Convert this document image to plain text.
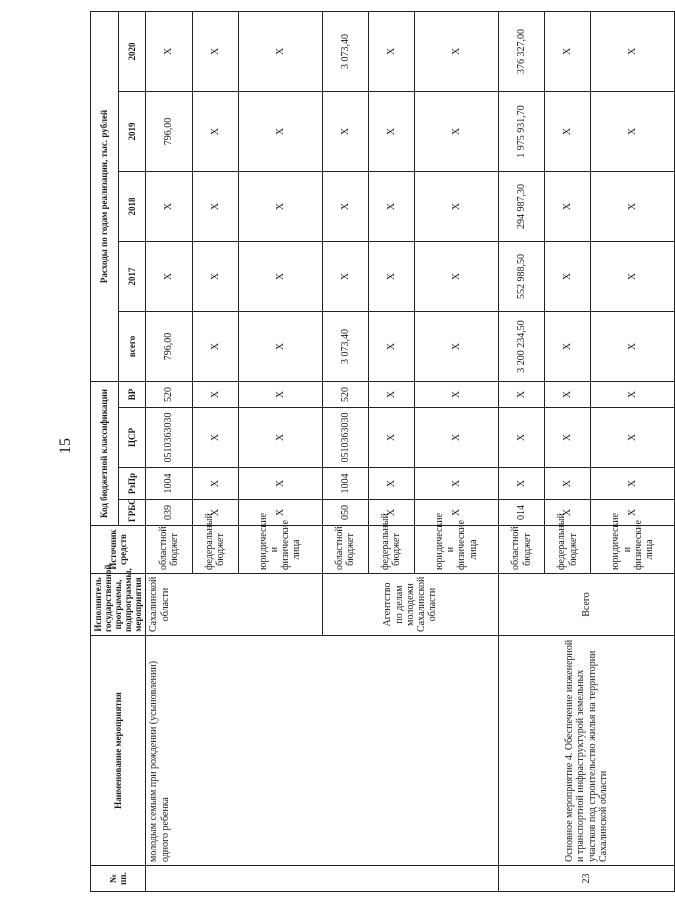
15
№ пп.	Наименование мероприятия	Исполнитель государственной программы, подпрограммы, мероприятия	Источник средств	Код бюджетной классификации				Расходы по годам реализации, тыс. рублей				
				ГРБС	РзПр	ЦСР	ВР	всего	2017	2018	2019	2020
	молодым семьям при рождении (усыновлении) одного ребенка	Сахалинской области	областной бюджет	039	1004	0510363030	520	796,00	Х	Х	796,00	Х
			федеральный бюджет	Х	Х	Х	Х	Х	Х	Х	Х	Х
			юридические и физические лица	Х	Х	Х	Х	Х	Х	Х	Х	Х
		Агентство по делам молодежи Сахалинской области	областной бюджет	050	1004	0510363030	520	3 073,40	Х	Х	Х	3 073,40
			федеральный бюджет	Х	Х	Х	Х	Х	Х	Х	Х	Х
			юридические и физические лица	Х	Х	Х	Х	Х	Х	Х	Х	Х
23	Основное мероприятие 4. Обеспечение инженерной и транспортной инфраструктурой земельных участков под строительство жилья на территории Сахалинской области	Всего	областной бюджет	014	Х	Х	Х	3 200 234,50	552 988,50	294 987,30	1 975 931,70	376 327,00
			федеральный бюджет	Х	Х	Х	Х	Х	Х	Х	Х	Х
			юридические и физические лица	Х	Х	Х	Х	Х	Х	Х	Х	Х
